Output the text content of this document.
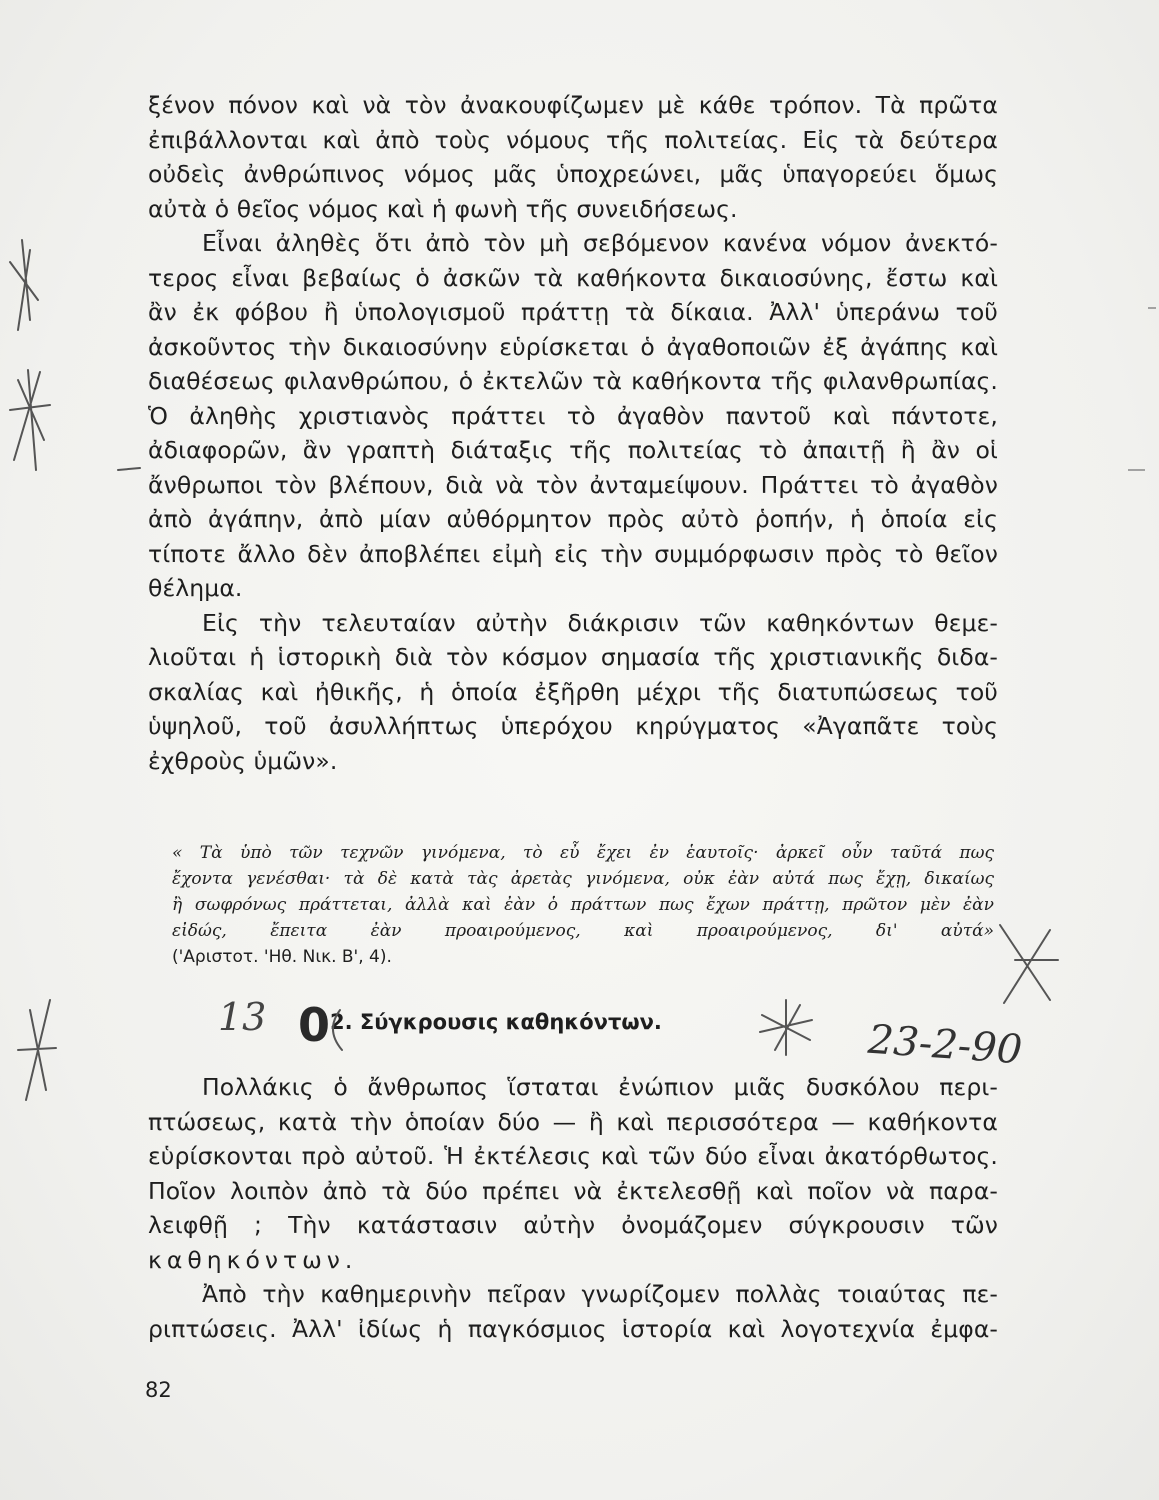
ξένον πόνον καὶ νὰ τὸν ἀνακουφίζωμεν μὲ κάθε τρόπον. Τὰ πρῶτα
ἐπιβάλλονται καὶ ἀπὸ τοὺς νόμους τῆς πολιτείας. Εἰς τὰ δεύτερα
οὐδεὶς ἀνθρώπινος νόμος μᾶς ὑποχρεώνει, μᾶς ὑπαγορεύει ὅμως
αὐτὰ ὁ θεῖος νόμος καὶ ἡ φωνὴ τῆς συνειδήσεως.
Εἶναι ἀληθὲς ὅτι ἀπὸ τὸν μὴ σεβόμενον κανένα νόμον ἀνεκτό-
τερος εἶναι βεβαίως ὁ ἀσκῶν τὰ καθήκοντα δικαιοσύνης, ἔστω καὶ
ἂν ἐκ φόβου ἢ ὑπολογισμοῦ πράττῃ τὰ δίκαια. Ἀλλ' ὑπεράνω τοῦ
ἀσκοῦντος τὴν δικαιοσύνην εὑρίσκεται ὁ ἀγαθοποιῶν ἐξ ἀγάπης καὶ
διαθέσεως φιλανθρώπου, ὁ ἐκτελῶν τὰ καθήκοντα τῆς φιλανθρωπίας.
Ὁ ἀληθὴς χριστιανὸς πράττει τὸ ἀγαθὸν παντοῦ καὶ πάντοτε,
ἀδιαφορῶν, ἂν γραπτὴ διάταξις τῆς πολιτείας τὸ ἀπαιτῇ ἢ ἂν οἱ
ἄνθρωποι τὸν βλέπουν, διὰ νὰ τὸν ἀνταμείψουν. Πράττει τὸ ἀγαθὸν
ἀπὸ ἀγάπην, ἀπὸ μίαν αὐθόρμητον πρὸς αὐτὸ ῥοπήν, ἡ ὁποία εἰς
τίποτε ἄλλο δὲν ἀποβλέπει εἰμὴ εἰς τὴν συμμόρφωσιν πρὸς τὸ θεῖον
θέλημα.
Εἰς τὴν τελευταίαν αὐτὴν διάκρισιν τῶν καθηκόντων θεμε-
λιοῦται ἡ ἱστορικὴ διὰ τὸν κόσμον σημασία τῆς χριστιανικῆς διδα-
σκαλίας καὶ ἠθικῆς, ἡ ὁποία ἐξῆρθη μέχρι τῆς διατυπώσεως τοῦ
ὑψηλοῦ, τοῦ ἀσυλλήπτως ὑπερόχου κηρύγματος «Ἀγαπᾶτε τοὺς
ἐχθροὺς ὑμῶν».
« Τὰ ὑπὸ τῶν τεχνῶν γινόμενα, τὸ εὖ ἔχει ἐν ἑαυτοῖς· ἀρκεῖ οὖν ταῦτά πως
ἔχοντα γενέσθαι· τὰ δὲ κατὰ τὰς ἀρετὰς γινόμενα, οὐκ ἐὰν αὐτά πως ἔχῃ, δικαίως
ἢ σωφρόνως πράττεται, ἀλλὰ καὶ ἐὰν ὁ πράττων πως ἔχων πράττῃ, πρῶτον μὲν ἐὰν
εἰδώς, ἔπειτα ἐὰν προαιρούμενος, καὶ προαιρούμενος, δι' αὐτά»
('Αριστοτ. 'Ηθ. Νικ. Β', 4).
13 0 2. Σύγκρουσις καθηκόντων.	23-2-90
Πολλάκις ὁ ἄνθρωπος ἵσταται ἐνώπιον μιᾶς δυσκόλου περι-
πτώσεως, κατὰ τὴν ὁποίαν δύο — ἢ καὶ περισσότερα — καθήκοντα
εὑρίσκονται πρὸ αὐτοῦ. Ἡ ἐκτέλεσις καὶ τῶν δύο εἶναι ἀκατόρθωτος.
Ποῖον λοιπὸν ἀπὸ τὰ δύο πρέπει νὰ ἐκτελεσθῇ καὶ ποῖον νὰ παρα-
λειφθῇ ; Τὴν κατάστασιν αὐτὴν ὀνομάζομεν σύγκρουσιν τῶν
καθηκόντων.
Ἀπὸ τὴν καθημερινὴν πεῖραν γνωρίζομεν πολλὰς τοιαύτας πε-
ριπτώσεις. Ἀλλ' ἰδίως ἡ παγκόσμιος ἱστορία καὶ λογοτεχνία ἐμφα-
82
